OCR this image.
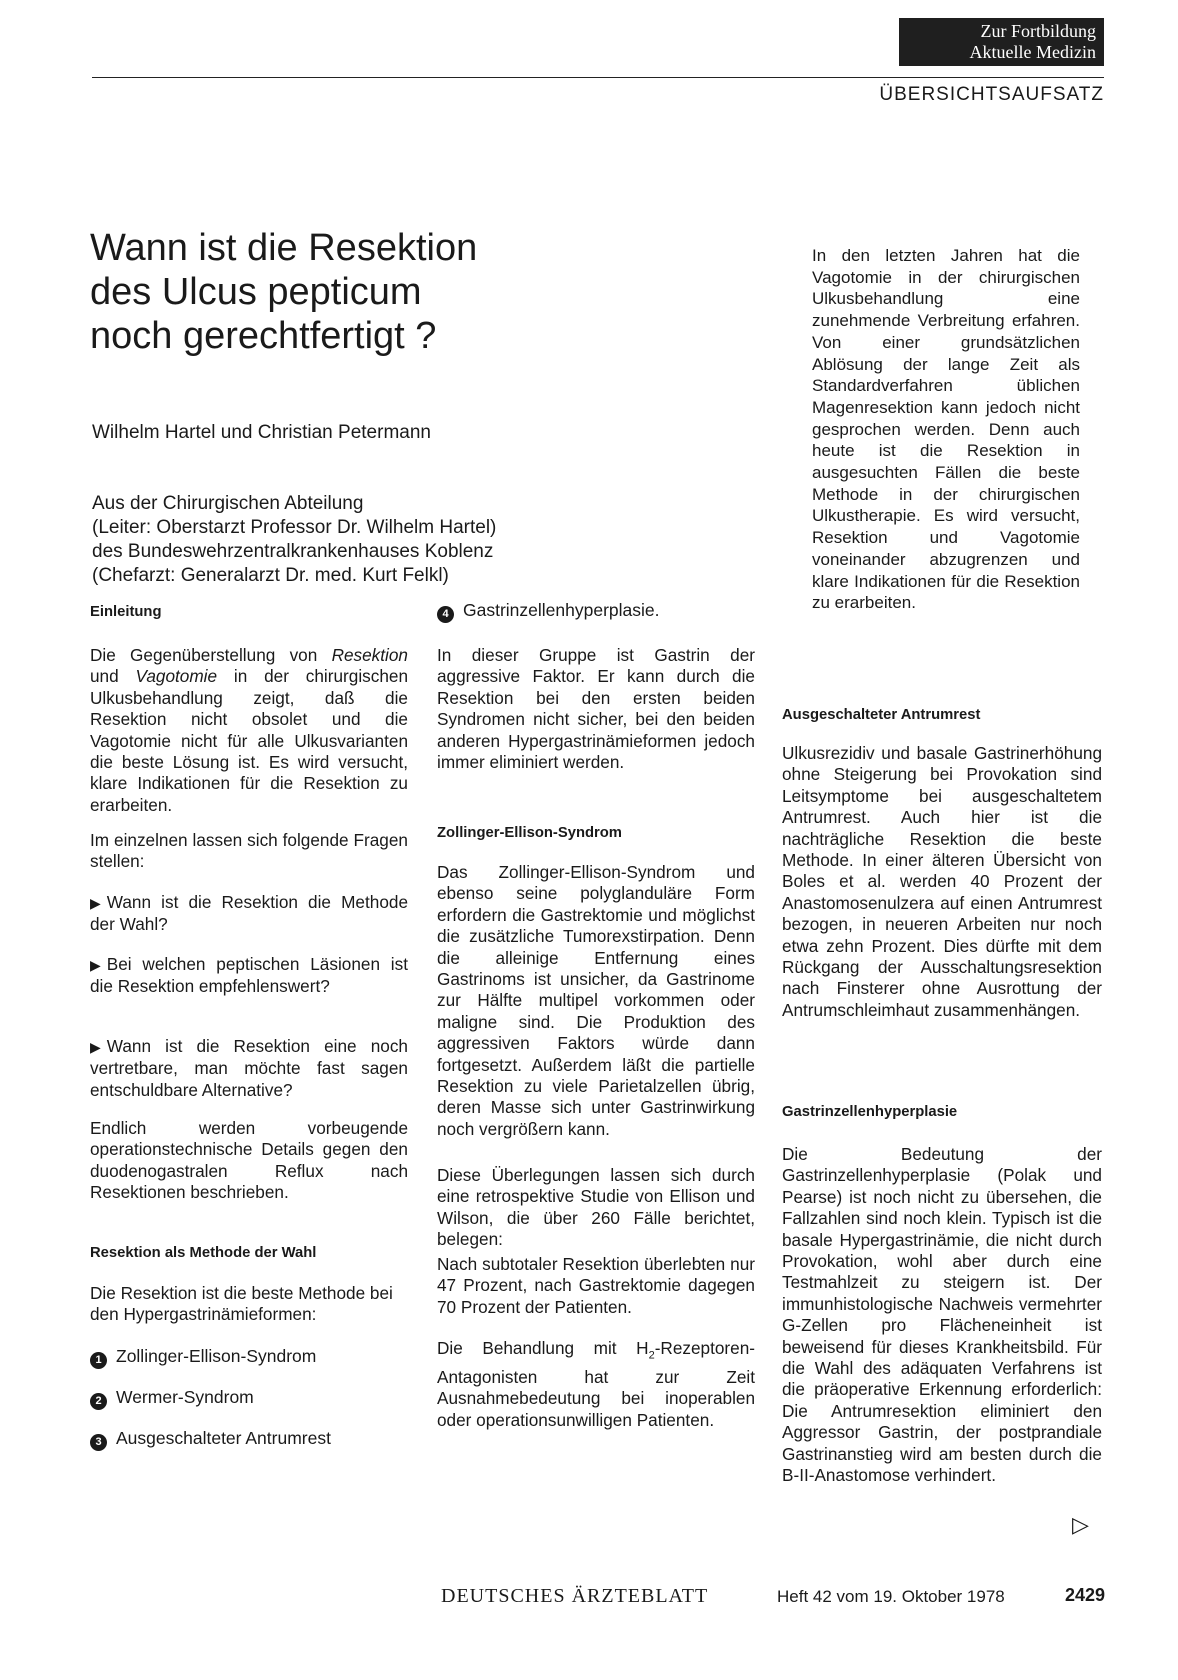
Zur Fortbildung
Aktuelle Medizin
ÜBERSICHTSAUFSATZ
Wann ist die Resektion
des Ulcus pepticum
noch gerechtfertigt ?
Wilhelm Hartel und Christian Petermann
Aus der Chirurgischen Abteilung
(Leiter: Oberstarzt Professor Dr. Wilhelm Hartel)
des Bundeswehrzentralkrankenhauses Koblenz
(Chefarzt: Generalarzt Dr. med. Kurt Felkl)
In den letzten Jahren hat die Vagotomie in der chirurgischen Ulkusbehandlung eine zunehmende Verbreitung erfahren. Von einer grundsätzlichen Ablösung der lange Zeit als Standardverfahren üblichen Magenresektion kann jedoch nicht gesprochen werden. Denn auch heute ist die Resektion in ausgesuchten Fällen die beste Methode in der chirurgischen Ulkustherapie. Es wird versucht, Resektion und Vagotomie voneinander abzugrenzen und klare Indikationen für die Resektion zu erarbeiten.
Einleitung
Die Gegenüberstellung von Resektion und Vagotomie in der chirurgischen Ulkusbehandlung zeigt, daß die Resektion nicht obsolet und die Vagotomie nicht für alle Ulkusvarianten die beste Lösung ist. Es wird versucht, klare Indikationen für die Resektion zu erarbeiten.
Im einzelnen lassen sich folgende Fragen stellen:
▶ Wann ist die Resektion die Methode der Wahl?
▶ Bei welchen peptischen Läsionen ist die Resektion empfehlenswert?
▶ Wann ist die Resektion eine noch vertretbare, man möchte fast sagen entschuldbare Alternative?
Endlich werden vorbeugende operationstechnische Details gegen den duodenogastralen Reflux nach Resektionen beschrieben.
Resektion als Methode der Wahl
Die Resektion ist die beste Methode bei den Hypergastrinämieformen:
1 Zollinger-Ellison-Syndrom
2 Wermer-Syndrom
3 Ausgeschalteter Antrumrest
4 Gastrinzellenhyperplasie.
In dieser Gruppe ist Gastrin der aggressive Faktor. Er kann durch die Resektion bei den ersten beiden Syndromen nicht sicher, bei den beiden anderen Hypergastrinämieformen jedoch immer eliminiert werden.
Zollinger-Ellison-Syndrom
Das Zollinger-Ellison-Syndrom und ebenso seine polyglanduläre Form erfordern die Gastrektomie und möglichst die zusätzliche Tumorexstirpation. Denn die alleinige Entfernung eines Gastrinoms ist unsicher, da Gastrinome zur Hälfte multipel vorkommen oder maligne sind. Die Produktion des aggressiven Faktors würde dann fortgesetzt. Außerdem läßt die partielle Resektion zu viele Parietalzellen übrig, deren Masse sich unter Gastrinwirkung noch vergrößern kann.
Diese Überlegungen lassen sich durch eine retrospektive Studie von Ellison und Wilson, die über 260 Fälle berichtet, belegen:
Nach subtotaler Resektion überlebten nur 47 Prozent, nach Gastrektomie dagegen 70 Prozent der Patienten.
Die Behandlung mit $H_2-Rezeptoren$-Antagonisten hat zur Zeit Ausnahmebedeutung bei inoperablen oder operationsunwilligen Patienten.
Ausgeschalteter Antrumrest
Ulkusrezidiv und basale Gastrinerhöhung ohne Steigerung bei Provokation sind Leitsymptome bei ausgeschaltetem Antrumrest. Auch hier ist die nachträgliche Resektion die beste Methode. In einer älteren Übersicht von Boles et al. werden 40 Prozent der Anastomosenulzera auf einen Antrumrest bezogen, in neueren Arbeiten nur noch etwa zehn Prozent. Dies dürfte mit dem Rückgang der Ausschaltungsresektion nach Finsterer ohne Ausrottung der Antrumschleimhaut zusammenhängen.
Gastrinzellenhyperplasie
Die Bedeutung der Gastrinzellenhyperplasie (Polak und Pearse) ist noch nicht zu übersehen, die Fallzahlen sind noch klein. Typisch ist die basale Hypergastrinämie, die nicht durch Provokation, wohl aber durch eine Testmahlzeit zu steigern ist. Der immunhistologische Nachweis vermehrter G-Zellen pro Flächeneinheit ist beweisend für dieses Krankheitsbild. Für die Wahl des adäquaten Verfahrens ist die präoperative Erkennung erforderlich: Die Antrumresektion eliminiert den Aggressor Gastrin, der postprandiale Gastrinanstieg wird am besten durch die B-II-Anastomose verhindert.
▷
DEUTSCHES ÄRZTEBLATT	Heft 42 vom 19. Oktober 1978	2429
